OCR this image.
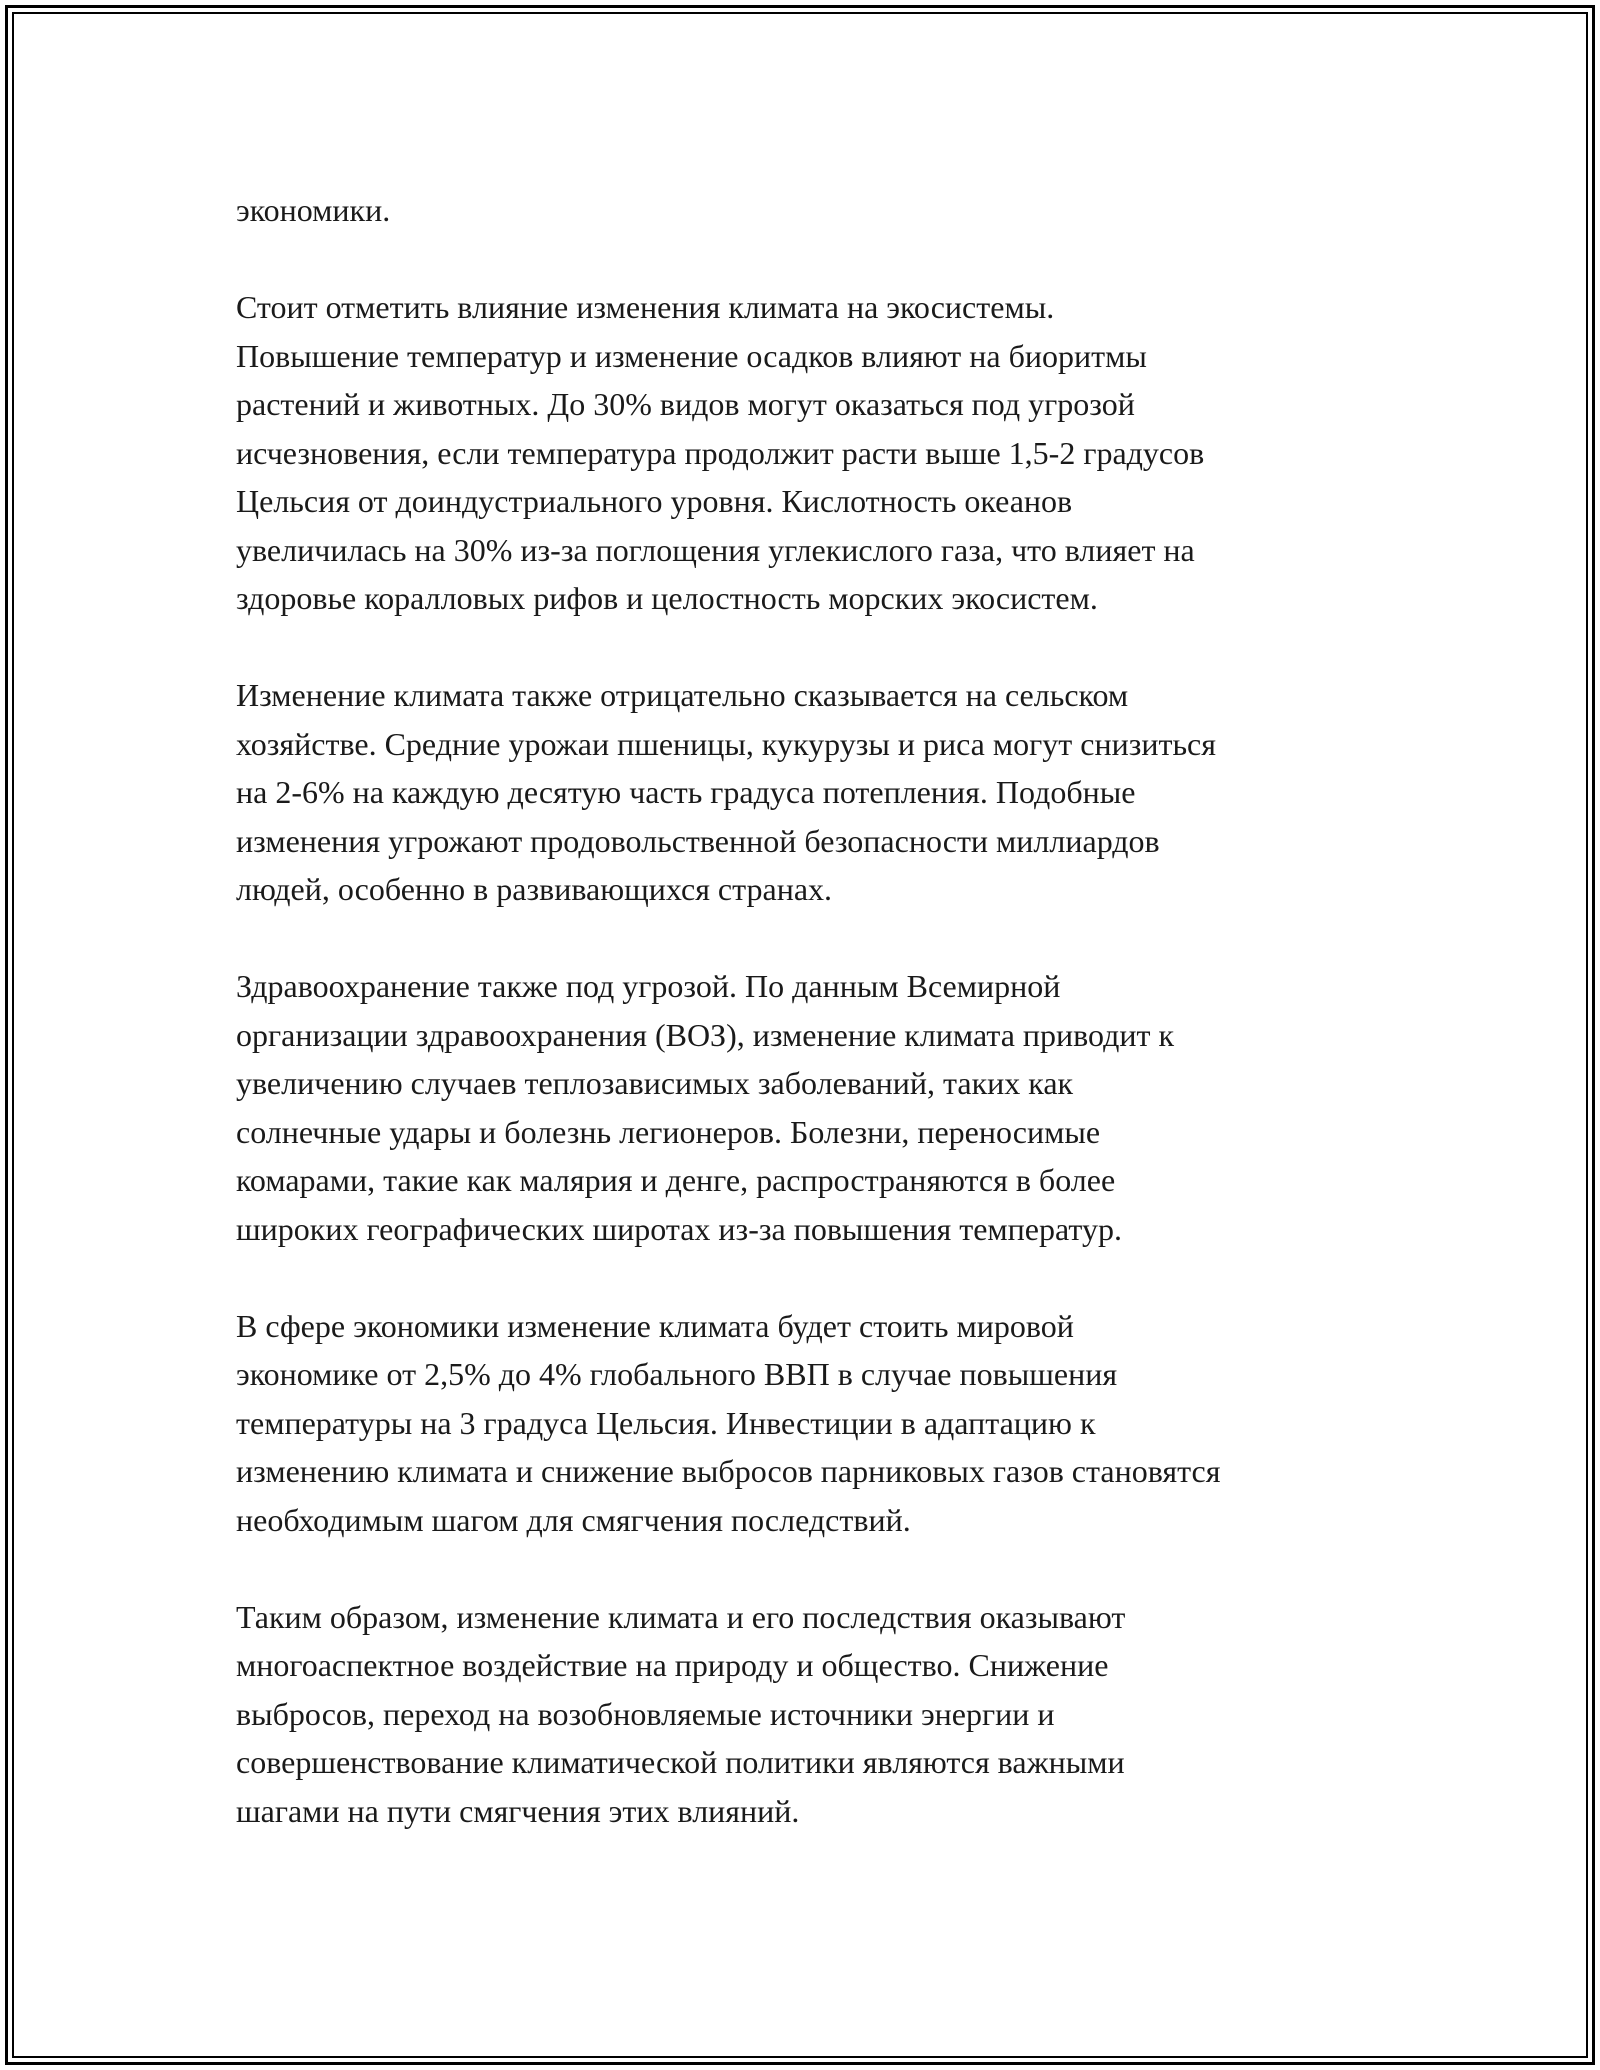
экономики.

Стоит отметить влияние изменения климата на экосистемы.
Повышение температур и изменение осадков влияют на биоритмы
растений и животных. До 30% видов могут оказаться под угрозой
исчезновения, если температура продолжит расти выше 1,5-2 градусов
Цельсия от доиндустриального уровня. Кислотность океанов
увеличилась на 30% из-за поглощения углекислого газа, что влияет на
здоровье коралловых рифов и целостность морских экосистем.

Изменение климата также отрицательно сказывается на сельском
хозяйстве. Средние урожаи пшеницы, кукурузы и риса могут снизиться
на 2-6% на каждую десятую часть градуса потепления. Подобные
изменения угрожают продовольственной безопасности миллиардов
людей, особенно в развивающихся странах.

Здравоохранение также под угрозой. По данным Всемирной
организации здравоохранения (ВОЗ), изменение климата приводит к
увеличению случаев теплозависимых заболеваний, таких как
солнечные удары и болезнь легионеров. Болезни, переносимые
комарами, такие как малярия и денге, распространяются в более
широких географических широтах из-за повышения температур.

В сфере экономики изменение климата будет стоить мировой
экономике от 2,5% до 4% глобального ВВП в случае повышения
температуры на 3 градуса Цельсия. Инвестиции в адаптацию к
изменению климата и снижение выбросов парниковых газов становятся
необходимым шагом для смягчения последствий.

Таким образом, изменение климата и его последствия оказывают
многоаспектное воздействие на природу и общество. Снижение
выбросов, переход на возобновляемые источники энергии и
совершенствование климатической политики являются важными
шагами на пути смягчения этих влияний.
